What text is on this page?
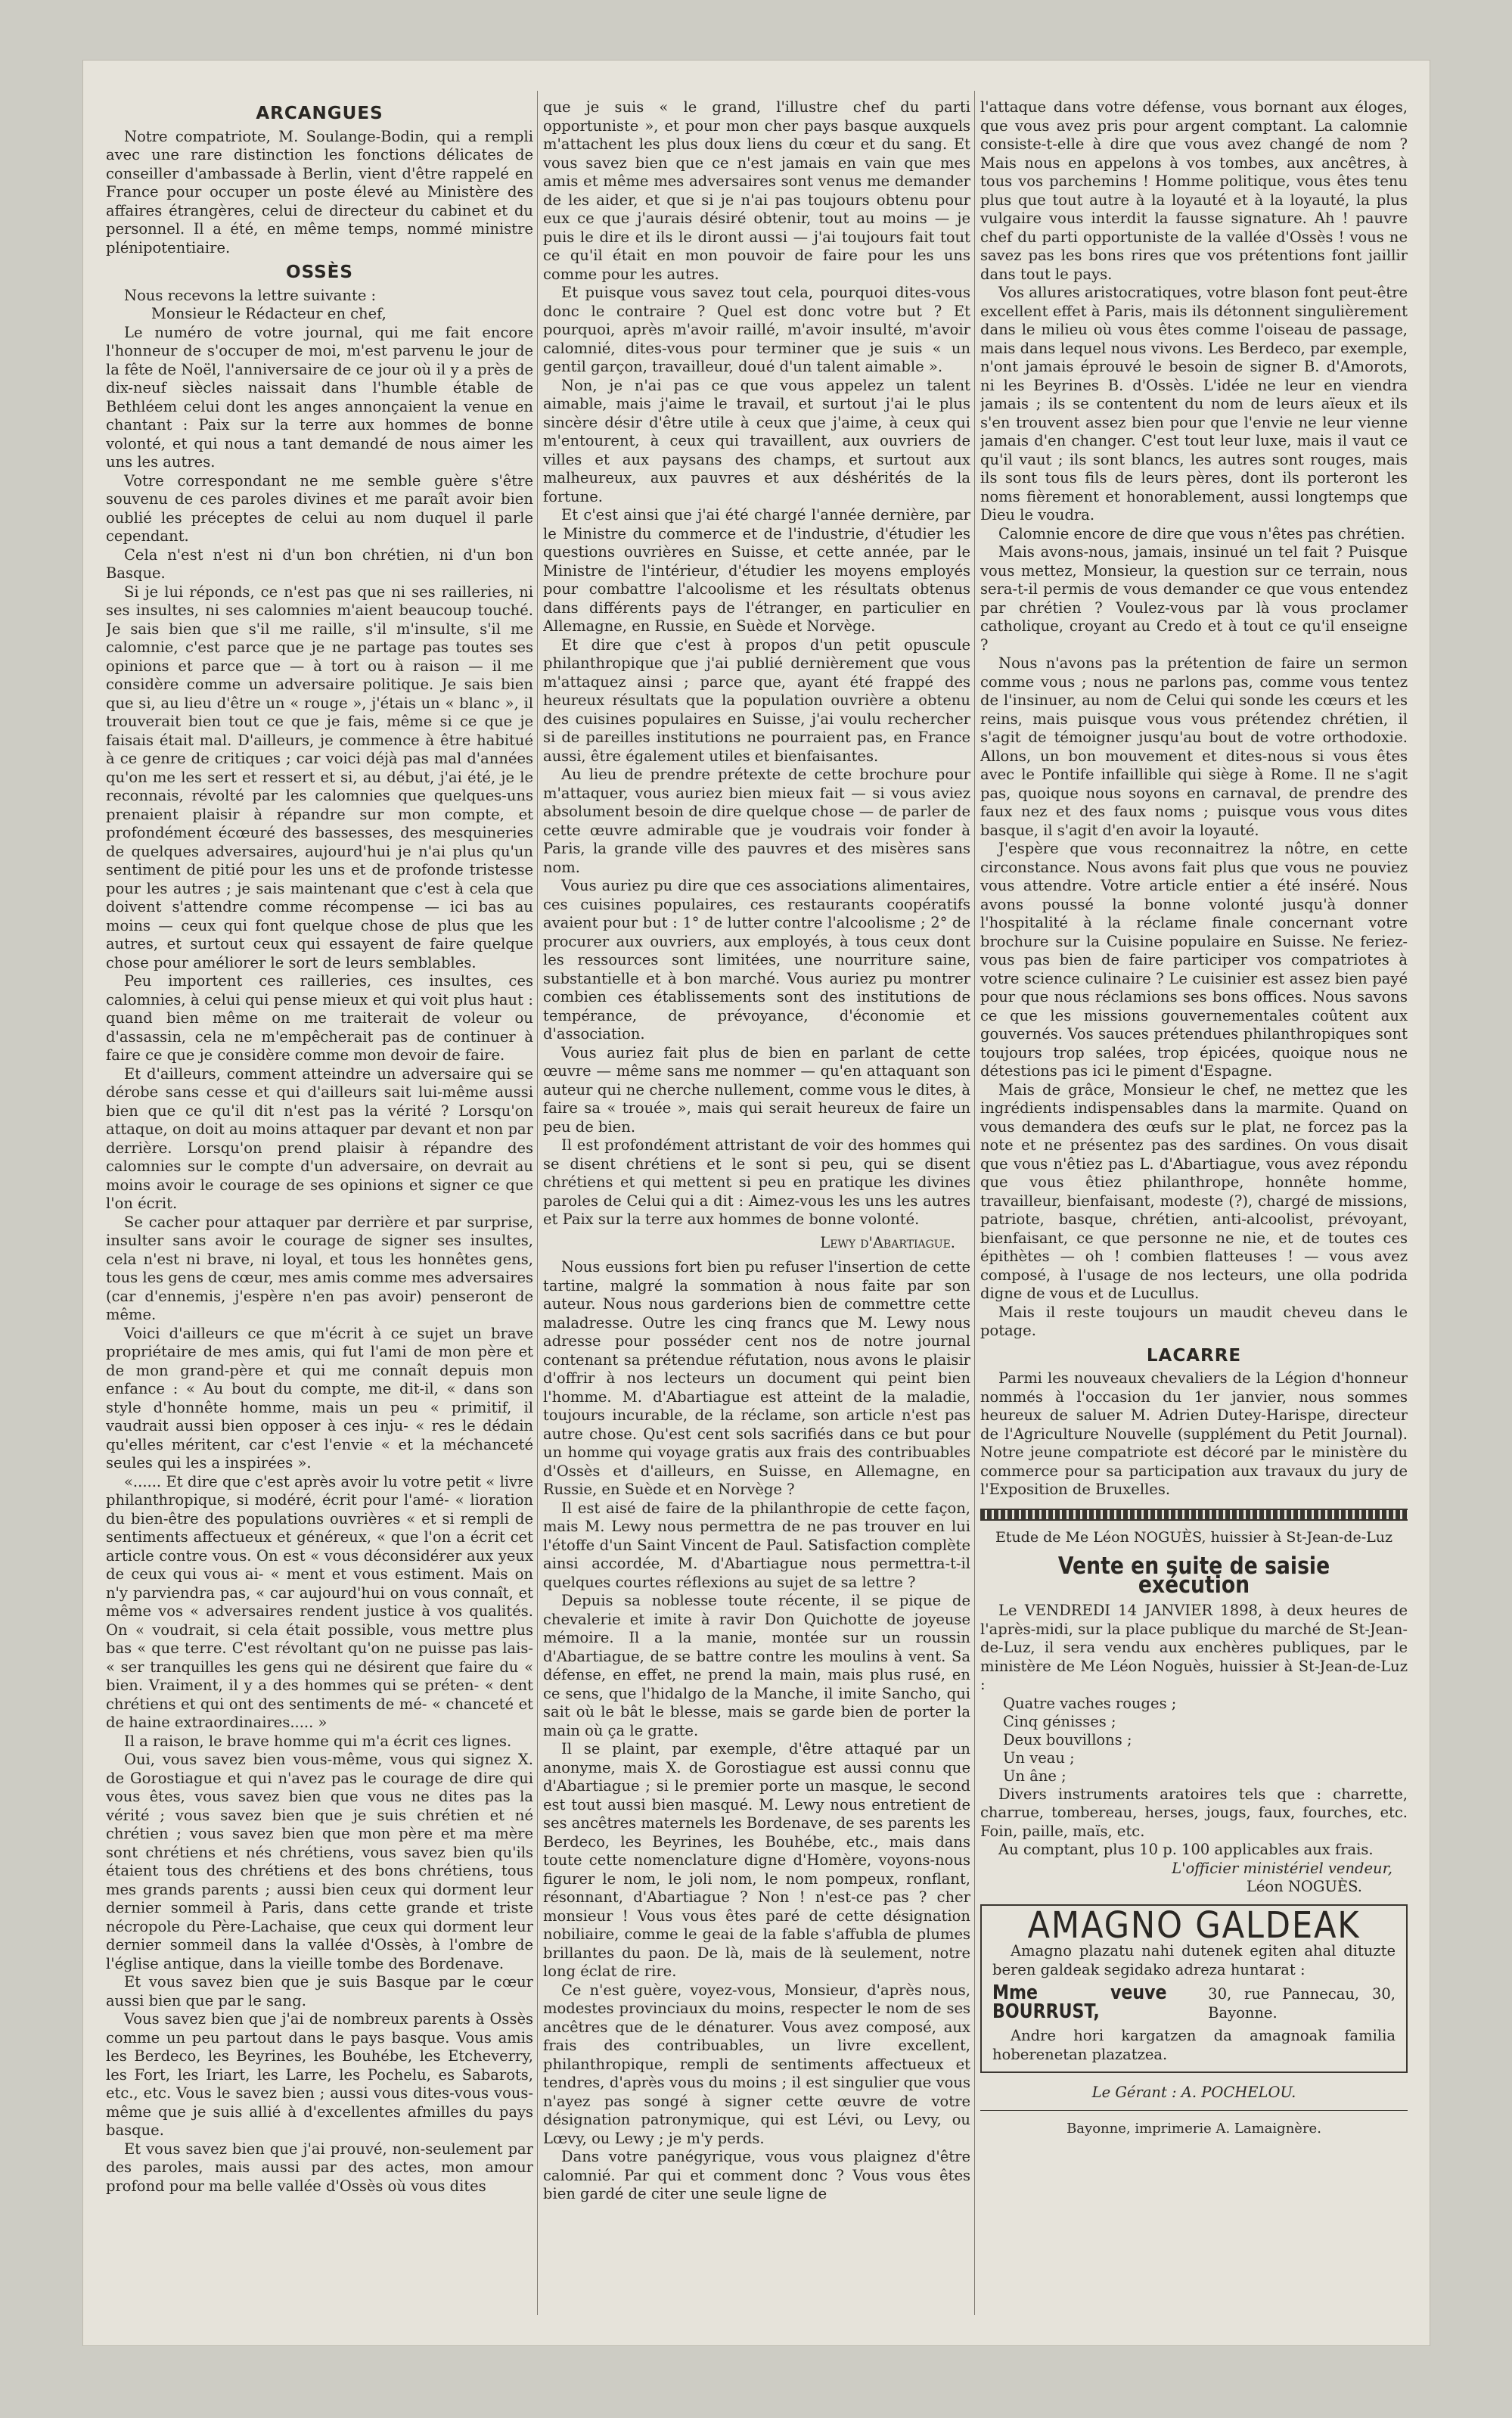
ARCANGUES

Notre compatriote, M. Soulange-Bodin, qui a rempli avec une rare distinction les fonctions délicates de conseiller d'ambassade à Berlin, vient d'être rappelé en France pour occuper un poste élevé au Ministère des affaires étrangères, celui de directeur du cabinet et du personnel. Il a été, en même temps, nommé ministre plénipotentiaire.

OSSÈS

Nous recevons la lettre suivante :

Monsieur le Rédacteur en chef,

Le numéro de votre journal, qui me fait encore l'honneur de s'occuper de moi, m'est parvenu le jour de la fête de Noël, l'anniversaire de ce jour où il y a près de dix-neuf siècles naissait dans l'humble étable de Bethléem celui dont les anges annonçaient la venue en chantant : Paix sur la terre aux hommes de bonne volonté, et qui nous a tant demandé de nous aimer les uns les autres.

Votre correspondant ne me semble guère s'être souvenu de ces paroles divines et me paraît avoir bien oublié les préceptes de celui au nom duquel il parle cependant.

Cela n'est n'est ni d'un bon chrétien, ni d'un bon Basque.

Si je lui réponds, ce n'est pas que ni ses railleries, ni ses insultes, ni ses calomnies m'aient beaucoup touché. Je sais bien que s'il me raille, s'il m'insulte, s'il me calomnie, c'est parce que je ne partage pas toutes ses opinions et parce que — à tort ou à raison — il me considère comme un adversaire politique. Je sais bien que si, au lieu d'être un « rouge », j'étais un « blanc », il trouverait bien tout ce que je fais, même si ce que je faisais était mal. D'ailleurs, je commence à être habitué à ce genre de critiques ; car voici déjà pas mal d'années qu'on me les sert et ressert et si, au début, j'ai été, je le reconnais, révolté par les calomnies que quelques-uns prenaient plaisir à répandre sur mon compte, et profondément écœuré des bassesses, des mesquineries de quelques adversaires, aujourd'hui je n'ai plus qu'un sentiment de pitié pour les uns et de profonde tristesse pour les autres ; je sais maintenant que c'est à cela que doivent s'attendre comme récompense — ici bas au moins — ceux qui font quelque chose de plus que les autres, et surtout ceux qui essayent de faire quelque chose pour améliorer le sort de leurs semblables.

Peu importent ces railleries, ces insultes, ces calomnies, à celui qui pense mieux et qui voit plus haut : quand bien même on me traiterait de voleur ou d'assassin, cela ne m'empêcherait pas de continuer à faire ce que je considère comme mon devoir de faire.

Et d'ailleurs, comment atteindre un adversaire qui se dérobe sans cesse et qui d'ailleurs sait lui-même aussi bien que ce qu'il dit n'est pas la vérité ? Lorsqu'on attaque, on doit au moins attaquer par devant et non par derrière. Lorsqu'on prend plaisir à répandre des calomnies sur le compte d'un adversaire, on devrait au moins avoir le courage de ses opinions et signer ce que l'on écrit.

Se cacher pour attaquer par derrière et par surprise, insulter sans avoir le courage de signer ses insultes, cela n'est ni brave, ni loyal, et tous les honnêtes gens, tous les gens de cœur, mes amis comme mes adversaires (car d'ennemis, j'espère n'en pas avoir) penseront de même.

Voici d'ailleurs ce que m'écrit à ce sujet un brave propriétaire de mes amis, qui fut l'ami de mon père et de mon grand-père et qui me connaît depuis mon enfance : « Au bout du compte, me dit-il, « dans son style d'honnête homme, mais un peu « primitif, il vaudrait aussi bien opposer à ces inju- « res le dédain qu'elles méritent, car c'est l'envie « et la méchanceté seules qui les a inspirées ».

«...... Et dire que c'est après avoir lu votre petit « livre philanthropique, si modéré, écrit pour l'amé- « lioration du bien-être des populations ouvrières « et si rempli de sentiments affectueux et généreux, « que l'on a écrit cet article contre vous. On est « vous déconsidérer aux yeux de ceux qui vous ai- « ment et vous estiment. Mais on n'y parviendra pas, « car aujourd'hui on vous connaît, et même vos « adversaires rendent justice à vos qualités. On « voudrait, si cela était possible, vous mettre plus bas « que terre. C'est révoltant qu'on ne puisse pas lais- « ser tranquilles les gens qui ne désirent que faire du « bien. Vraiment, il y a des hommes qui se préten- « dent chrétiens et qui ont des sentiments de mé- « chanceté et de haine extraordinaires..... »

Il a raison, le brave homme qui m'a écrit ces lignes.

Oui, vous savez bien vous-même, vous qui signez X. de Gorostiague et qui n'avez pas le courage de dire qui vous êtes, vous savez bien que vous ne dites pas la vérité ; vous savez bien que je suis chrétien et né chrétien ; vous savez bien que mon père et ma mère sont chrétiens et nés chrétiens, vous savez bien qu'ils étaient tous des chrétiens et des bons chrétiens, tous mes grands parents ; aussi bien ceux qui dorment leur dernier sommeil à Paris, dans cette grande et triste nécropole du Père-Lachaise, que ceux qui dorment leur dernier sommeil dans la vallée d'Ossès, à l'ombre de l'église antique, dans la vieille tombe des Bordenave.

Et vous savez bien que je suis Basque par le cœur aussi bien que par le sang.

Vous savez bien que j'ai de nombreux parents à Ossès comme un peu partout dans le pays basque. Vous amis les Berdeco, les Beyrines, les Bouhébe, les Etcheverry, les Fort, les Iriart, les Larre, les Pochelu, es Sabarots, etc., etc. Vous le savez bien ; aussi vous dites-vous vous-même que je suis allié à d'excellentes afmilles du pays basque.

Et vous savez bien que j'ai prouvé, non-seulement par des paroles, mais aussi par des actes, mon amour profond pour ma belle vallée d'Ossès où vous dites

que je suis « le grand, l'illustre chef du parti opportuniste », et pour mon cher pays basque auxquels m'attachent les plus doux liens du cœur et du sang. Et vous savez bien que ce n'est jamais en vain que mes amis et même mes adversaires sont venus me demander de les aider, et que si je n'ai pas toujours obtenu pour eux ce que j'aurais désiré obtenir, tout au moins — je puis le dire et ils le diront aussi — j'ai toujours fait tout ce qu'il était en mon pouvoir de faire pour les uns comme pour les autres.

Et puisque vous savez tout cela, pourquoi dites-vous donc le contraire ? Quel est donc votre but ? Et pourquoi, après m'avoir raillé, m'avoir insulté, m'avoir calomnié, dites-vous pour terminer que je suis « un gentil garçon, travailleur, doué d'un talent aimable ».

Non, je n'ai pas ce que vous appelez un talent aimable, mais j'aime le travail, et surtout j'ai le plus sincère désir d'être utile à ceux que j'aime, à ceux qui m'entourent, à ceux qui travaillent, aux ouvriers de villes et aux paysans des champs, et surtout aux malheureux, aux pauvres et aux déshérités de la fortune.

Et c'est ainsi que j'ai été chargé l'année dernière, par le Ministre du commerce et de l'industrie, d'étudier les questions ouvrières en Suisse, et cette année, par le Ministre de l'intérieur, d'étudier les moyens employés pour combattre l'alcoolisme et les résultats obtenus dans différents pays de l'étranger, en particulier en Allemagne, en Russie, en Suède et Norvège.

Et dire que c'est à propos d'un petit opuscule philanthropique que j'ai publié dernièrement que vous m'attaquez ainsi ; parce que, ayant été frappé des heureux résultats que la population ouvrière a obtenu des cuisines populaires en Suisse, j'ai voulu rechercher si de pareilles institutions ne pourraient pas, en France aussi, être également utiles et bienfaisantes.

Au lieu de prendre prétexte de cette brochure pour m'attaquer, vous auriez bien mieux fait — si vous aviez absolument besoin de dire quelque chose — de parler de cette œuvre admirable que je voudrais voir fonder à Paris, la grande ville des pauvres et des misères sans nom.

Vous auriez pu dire que ces associations alimentaires, ces cuisines populaires, ces restaurants coopératifs avaient pour but : 1° de lutter contre l'alcoolisme ; 2° de procurer aux ouvriers, aux employés, à tous ceux dont les ressources sont limitées, une nourriture saine, substantielle et à bon marché. Vous auriez pu montrer combien ces établissements sont des institutions de tempérance, de prévoyance, d'économie et d'association.

Vous auriez fait plus de bien en parlant de cette œuvre — même sans me nommer — qu'en attaquant son auteur qui ne cherche nullement, comme vous le dites, à faire sa « trouée », mais qui serait heureux de faire un peu de bien.

Il est profondément attristant de voir des hommes qui se disent chrétiens et le sont si peu, qui se disent chrétiens et qui mettent si peu en pratique les divines paroles de Celui qui a dit : Aimez-vous les uns les autres et Paix sur la terre aux hommes de bonne volonté.

Lewy d'Abartiague.

Nous eussions fort bien pu refuser l'insertion de cette tartine, malgré la sommation à nous faite par son auteur. Nous nous garderions bien de commettre cette maladresse. Outre les cinq francs que M. Lewy nous adresse pour posséder cent nos de notre journal contenant sa prétendue réfutation, nous avons le plaisir d'offrir à nos lecteurs un document qui peint bien l'homme. M. d'Abartiague est atteint de la maladie, toujours incurable, de la réclame, son article n'est pas autre chose. Qu'est cent sols sacrifiés dans ce but pour un homme qui voyage gratis aux frais des contribuables d'Ossès et d'ailleurs, en Suisse, en Allemagne, en Russie, en Suède et en Norvège ?

Il est aisé de faire de la philanthropie de cette façon, mais M. Lewy nous permettra de ne pas trouver en lui l'étoffe d'un Saint Vincent de Paul. Satisfaction complète ainsi accordée, M. d'Abartiague nous permettra-t-il quelques courtes réflexions au sujet de sa lettre ?

Depuis sa noblesse toute récente, il se pique de chevalerie et imite à ravir Don Quichotte de joyeuse mémoire. Il a la manie, montée sur un roussin d'Abartiague, de se battre contre les moulins à vent. Sa défense, en effet, ne prend la main, mais plus rusé, en ce sens, que l'hidalgo de la Manche, il imite Sancho, qui sait où le bât le blesse, mais se garde bien de porter la main où ça le gratte.

Il se plaint, par exemple, d'être attaqué par un anonyme, mais X. de Gorostiague est aussi connu que d'Abartiague ; si le premier porte un masque, le second est tout aussi bien masqué. M. Lewy nous entretient de ses ancêtres maternels les Bordenave, de ses parents les Berdeco, les Beyrines, les Bouhébe, etc., mais dans toute cette nomenclature digne d'Homère, voyons-nous figurer le nom, le joli nom, le nom pompeux, ronflant, résonnant, d'Abartiague ? Non ! n'est-ce pas ? cher monsieur ! Vous vous êtes paré de cette désignation nobiliaire, comme le geai de la fable s'affubla de plumes brillantes du paon. De là, mais de là seulement, notre long éclat de rire.

Ce n'est guère, voyez-vous, Monsieur, d'après nous, modestes provinciaux du moins, respecter le nom de ses ancêtres que de le dénaturer. Vous avez composé, aux frais des contribuables, un livre excellent, philanthropique, rempli de sentiments affectueux et tendres, d'après vous du moins ; il est singulier que vous n'ayez pas songé à signer cette œuvre de votre désignation patronymique, qui est Lévi, ou Levy, ou Lœvy, ou Lewy ; je m'y perds.

Dans votre panégyrique, vous vous plaignez d'être calomnié. Par qui et comment donc ? Vous vous êtes bien gardé de citer une seule ligne de

l'attaque dans votre défense, vous bornant aux éloges, que vous avez pris pour argent comptant. La calomnie consiste-t-elle à dire que vous avez changé de nom ? Mais nous en appelons à vos tombes, aux ancêtres, à tous vos parchemins ! Homme politique, vous êtes tenu plus que tout autre à la loyauté et à la loyauté, la plus vulgaire vous interdit la fausse signature. Ah ! pauvre chef du parti opportuniste de la vallée d'Ossès ! vous ne savez pas les bons rires que vos prétentions font jaillir dans tout le pays.

Vos allures aristocratiques, votre blason font peut-être excellent effet à Paris, mais ils détonnent singulièrement dans le milieu où vous êtes comme l'oiseau de passage, mais dans lequel nous vivons. Les Berdeco, par exemple, n'ont jamais éprouvé le besoin de signer B. d'Amorots, ni les Beyrines B. d'Ossès. L'idée ne leur en viendra jamais ; ils se contentent du nom de leurs aïeux et ils s'en trouvent assez bien pour que l'envie ne leur vienne jamais d'en changer. C'est tout leur luxe, mais il vaut ce qu'il vaut ; ils sont blancs, les autres sont rouges, mais ils sont tous fils de leurs pères, dont ils porteront les noms fièrement et honorablement, aussi longtemps que Dieu le voudra.

Calomnie encore de dire que vous n'êtes pas chrétien.

Mais avons-nous, jamais, insinué un tel fait ? Puisque vous mettez, Monsieur, la question sur ce terrain, nous sera-t-il permis de vous demander ce que vous entendez par chrétien ? Voulez-vous par là vous proclamer catholique, croyant au Credo et à tout ce qu'il enseigne ?

Nous n'avons pas la prétention de faire un sermon comme vous ; nous ne parlons pas, comme vous tentez de l'insinuer, au nom de Celui qui sonde les cœurs et les reins, mais puisque vous vous prétendez chrétien, il s'agit de témoigner jusqu'au bout de votre orthodoxie. Allons, un bon mouvement et dites-nous si vous êtes avec le Pontife infaillible qui siège à Rome. Il ne s'agit pas, quoique nous soyons en carnaval, de prendre des faux nez et des faux noms ; puisque vous vous dites basque, il s'agit d'en avoir la loyauté.

J'espère que vous reconnaitrez la nôtre, en cette circonstance. Nous avons fait plus que vous ne pouviez vous attendre. Votre article entier a été inséré. Nous avons poussé la bonne volonté jusqu'à donner l'hospitalité à la réclame finale concernant votre brochure sur la Cuisine populaire en Suisse. Ne feriez-vous pas bien de faire participer vos compatriotes à votre science culinaire ? Le cuisinier est assez bien payé pour que nous réclamions ses bons offices. Nous savons ce que les missions gouvernementales coûtent aux gouvernés. Vos sauces prétendues philanthropiques sont toujours trop salées, trop épicées, quoique nous ne détestions pas ici le piment d'Espagne.

Mais de grâce, Monsieur le chef, ne mettez que les ingrédients indispensables dans la marmite. Quand on vous demandera des œufs sur le plat, ne forcez pas la note et ne présentez pas des sardines. On vous disait que vous n'êtiez pas L. d'Abartiague, vous avez répondu que vous êtiez philanthrope, honnête homme, travailleur, bienfaisant, modeste (?), chargé de missions, patriote, basque, chrétien, anti-alcoolist, prévoyant, bienfaisant, ce que personne ne nie, et de toutes ces épithètes — oh ! combien flatteuses ! — vous avez composé, à l'usage de nos lecteurs, une olla podrida digne de vous et de Lucullus.

Mais il reste toujours un maudit cheveu dans le potage.

LACARRE

Parmi les nouveaux chevaliers de la Légion d'honneur nommés à l'occasion du 1er janvier, nous sommes heureux de saluer M. Adrien Dutey-Harispe, directeur de l'Agriculture Nouvelle (supplément du Petit Journal). Notre jeune compatriote est décoré par le ministère du commerce pour sa participation aux travaux du jury de l'Exposition de Bruxelles.

Etude de Me Léon NOGUÈS, huissier à St-Jean-de-Luz
Vente en suite de saisie exécution

Le VENDREDI 14 JANVIER 1898, à deux heures de l'après-midi, sur la place publique du marché de St-Jean-de-Luz, il sera vendu aux enchères publiques, par le ministère de Me Léon Noguès, huissier à St-Jean-de-Luz :

Quatre vaches rouges ;
Cinq génisses ;
Deux bouvillons ;
Un veau ;
Un âne ;

Divers instruments aratoires tels que : charrette, charrue, tombereau, herses, jougs, faux, fourches, etc. Foin, paille, maïs, etc.

Au comptant, plus 10 p. 100 applicables aux frais.

L'officier ministériel vendeur,
Léon NOGUÈS.
AMAGNO GALDEAK

Amagno plazatu nahi dutenek egiten ahal dituzte beren galdeak segidako adreza huntarat :

Mme veuve BOURRUST,
30, rue Pannecau, 30, Bayonne.

Andre hori kargatzen da amagnoak familia hoberenetan plazatzea.

Le Gérant : A. POCHELOU.
Bayonne, imprimerie A. Lamaignère.
